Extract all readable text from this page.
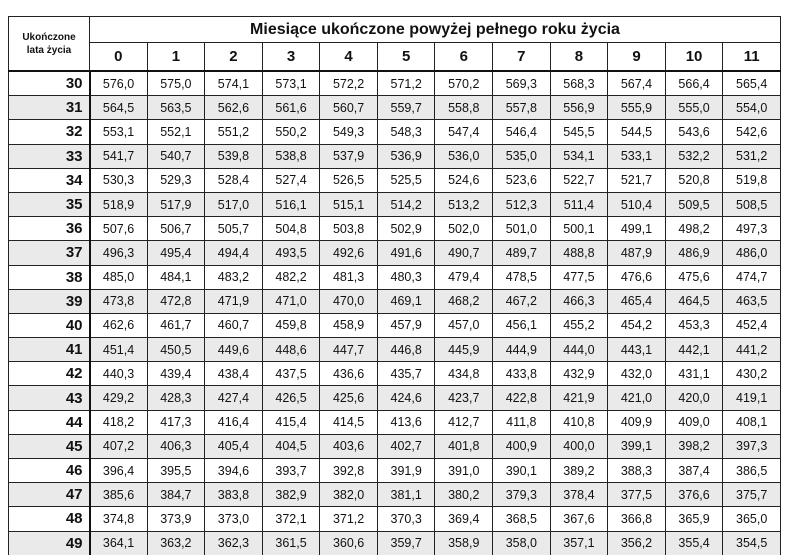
Ukończone
lata życia	Miesiące ukończone powyżej pełnego roku życia											
	0	1	2	3	4	5	6	7	8	9	10	11
30	576,0	575,0	574,1	573,1	572,2	571,2	570,2	569,3	568,3	567,4	566,4	565,4
31	564,5	563,5	562,6	561,6	560,7	559,7	558,8	557,8	556,9	555,9	555,0	554,0
32	553,1	552,1	551,2	550,2	549,3	548,3	547,4	546,4	545,5	544,5	543,6	542,6
33	541,7	540,7	539,8	538,8	537,9	536,9	536,0	535,0	534,1	533,1	532,2	531,2
34	530,3	529,3	528,4	527,4	526,5	525,5	524,6	523,6	522,7	521,7	520,8	519,8
35	518,9	517,9	517,0	516,1	515,1	514,2	513,2	512,3	511,4	510,4	509,5	508,5
36	507,6	506,7	505,7	504,8	503,8	502,9	502,0	501,0	500,1	499,1	498,2	497,3
37	496,3	495,4	494,4	493,5	492,6	491,6	490,7	489,7	488,8	487,9	486,9	486,0
38	485,0	484,1	483,2	482,2	481,3	480,3	479,4	478,5	477,5	476,6	475,6	474,7
39	473,8	472,8	471,9	471,0	470,0	469,1	468,2	467,2	466,3	465,4	464,5	463,5
40	462,6	461,7	460,7	459,8	458,9	457,9	457,0	456,1	455,2	454,2	453,3	452,4
41	451,4	450,5	449,6	448,6	447,7	446,8	445,9	444,9	444,0	443,1	442,1	441,2
42	440,3	439,4	438,4	437,5	436,6	435,7	434,8	433,8	432,9	432,0	431,1	430,2
43	429,2	428,3	427,4	426,5	425,6	424,6	423,7	422,8	421,9	421,0	420,0	419,1
44	418,2	417,3	416,4	415,4	414,5	413,6	412,7	411,8	410,8	409,9	409,0	408,1
45	407,2	406,3	405,4	404,5	403,6	402,7	401,8	400,9	400,0	399,1	398,2	397,3
46	396,4	395,5	394,6	393,7	392,8	391,9	391,0	390,1	389,2	388,3	387,4	386,5
47	385,6	384,7	383,8	382,9	382,0	381,1	380,2	379,3	378,4	377,5	376,6	375,7
48	374,8	373,9	373,0	372,1	371,2	370,3	369,4	368,5	367,6	366,8	365,9	365,0
49	364,1	363,2	362,3	361,5	360,6	359,7	358,9	358,0	357,1	356,2	355,4	354,5
